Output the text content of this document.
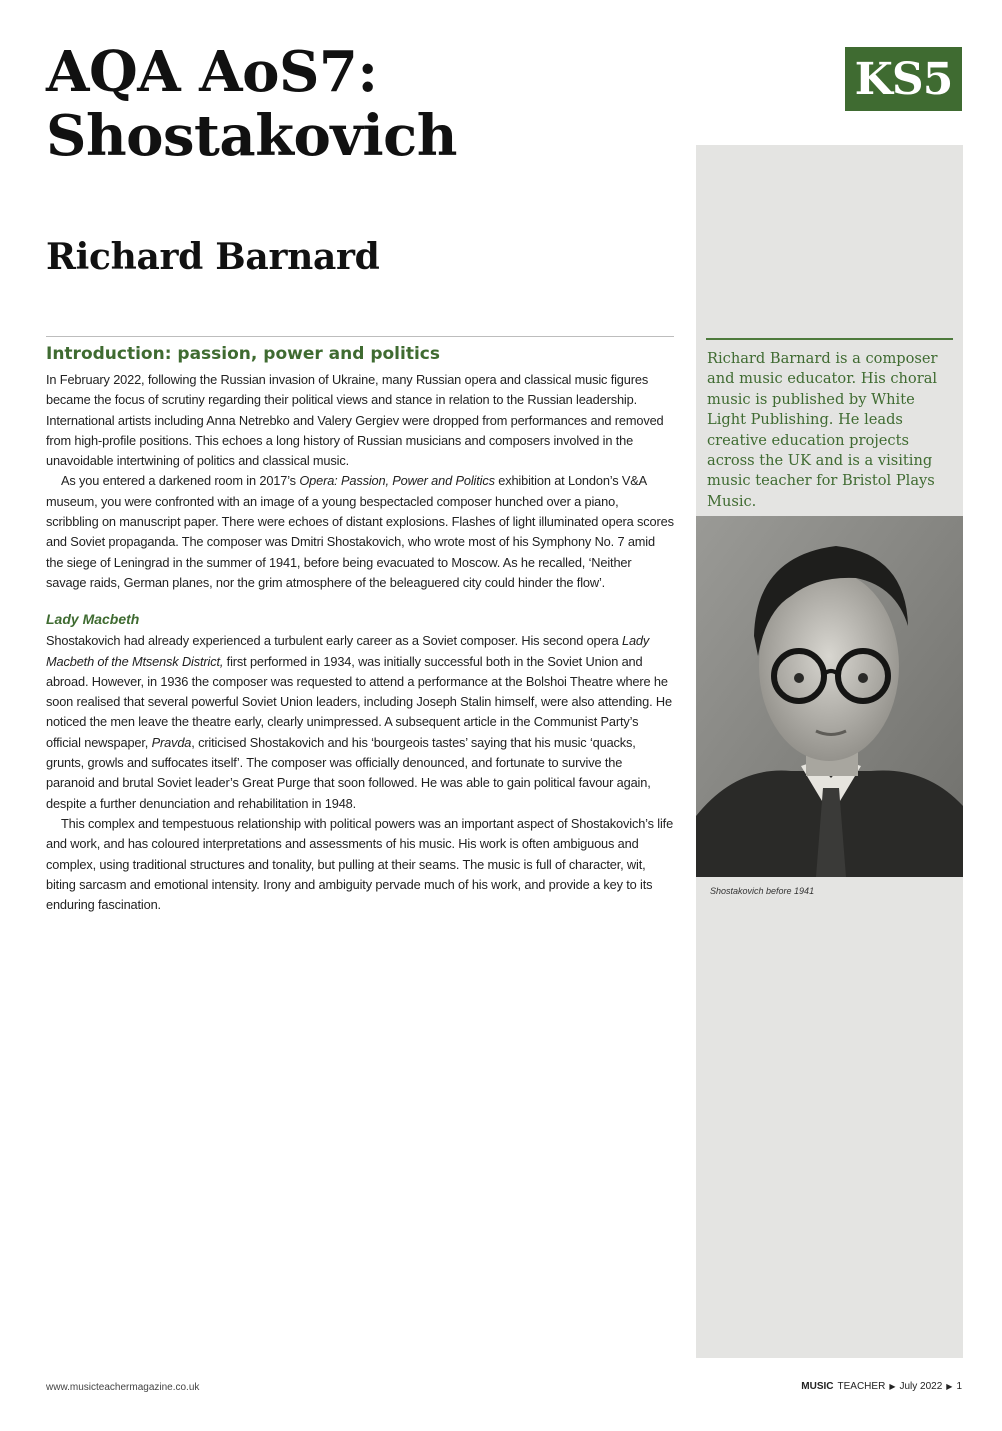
AQA AoS7: Shostakovich
Richard Barnard
KS5

Richard Barnard is a composer and music educator. His choral music is published by White Light Publishing. He leads creative education projects across the UK and is a visiting music teacher for Bristol Plays Music.

Shostakovich before 1941

Introduction: passion, power and politics

In February 2022, following the Russian invasion of Ukraine, many Russian opera and classical music figures became the focus of scrutiny regarding their political views and stance in relation to the Russian leadership. International artists including Anna Netrebko and Valery Gergiev were dropped from performances and removed from high-profile positions. This echoes a long history of Russian musicians and composers involved in the unavoidable intertwining of politics and classical music.

As you entered a darkened room in 2017’s Opera: Passion, Power and Politics exhibition at London’s V&A museum, you were confronted with an image of a young bespectacled composer hunched over a piano, scribbling on manuscript paper. There were echoes of distant explosions. Flashes of light illuminated opera scores and Soviet propaganda. The composer was Dmitri Shostakovich, who wrote most of his Symphony No. 7 amid the siege of Leningrad in the summer of 1941, before being evacuated to Moscow. As he recalled, ‘Neither savage raids, German planes, nor the grim atmosphere of the beleaguered city could hinder the flow’.

Lady Macbeth

Shostakovich had already experienced a turbulent early career as a Soviet composer. His second opera Lady Macbeth of the Mtsensk District, first performed in 1934, was initially successful both in the Soviet Union and abroad. However, in 1936 the composer was requested to attend a performance at the Bolshoi Theatre where he soon realised that several powerful Soviet Union leaders, including Joseph Stalin himself, were also attending. He noticed the men leave the theatre early, clearly unimpressed. A subsequent article in the Communist Party’s official newspaper, Pravda, criticised Shostakovich and his ‘bourgeois tastes’ saying that his music ‘quacks, grunts, growls and suffocates itself’. The composer was officially denounced, and fortunate to survive the paranoid and brutal Soviet leader’s Great Purge that soon followed. He was able to gain political favour again, despite a further denunciation and rehabilitation in 1948.

This complex and tempestuous relationship with political powers was an important aspect of Shostakovich’s life and work, and has coloured interpretations and assessments of his music. His work is often ambiguous and complex, using traditional structures and tonality, but pulling at their seams. The music is full of character, wit, biting sarcasm and emotional intensity. Irony and ambiguity pervade much of his work, and provide a key to its enduring fascination.

www.musicteachermagazine.co.uk	MUSIC TEACHER ▶ July 2022 ▶ 1
